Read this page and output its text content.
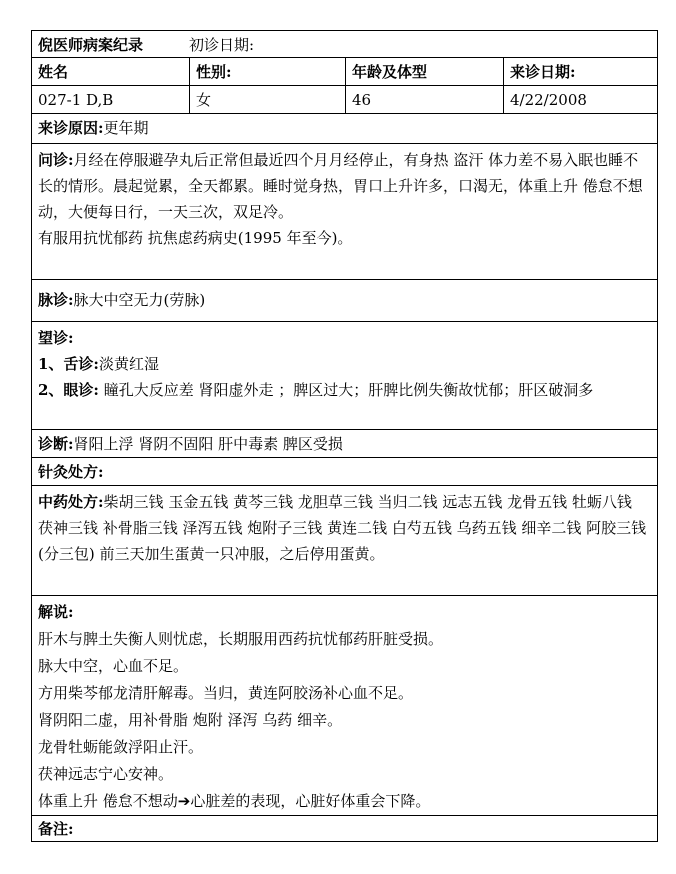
倪医师病案纪录	初诊日期:
姓名	性别:	年龄及体型	来诊日期:
027-1 D,B	女	46	4/22/2008
来诊原因:更年期
问诊:月经在停服避孕丸后正常但最近四个月月经停止，有身热 盗汗 体力差不易入眠也睡不长的情形。晨起觉累，全天都累。睡时觉身热，胃口上升许多，口渴无，体重上升 倦怠不想动，大便每日行，一天三次，双足冷。
有服用抗忧郁药 抗焦虑药病史(1995 年至今)。
脉诊:脉大中空无力(劳脉)
望诊:
1、舌诊:淡黄红湿
2、眼诊: 瞳孔大反应差 肾阳虚外走 ；脾区过大；肝脾比例失衡故忧郁；肝区破洞多
诊断:肾阳上浮 肾阴不固阳 肝中毒素 脾区受损
针灸处方:
中药处方:柴胡三钱 玉金五钱 黄芩三钱 龙胆草三钱 当归二钱 远志五钱 龙骨五钱 牡蛎八钱 茯神三钱 补骨脂三钱 泽泻五钱 炮附子三钱 黄连二钱 白芍五钱 乌药五钱 细辛二钱 阿胶三钱(分三包) 前三天加生蛋黄一只冲服，之后停用蛋黄。
解说:
肝木与脾土失衡人则忧虑，长期服用西药抗忧郁药肝脏受损。
脉大中空，心血不足。
方用柴芩郁龙清肝解毒。当归，黄连阿胶汤补心血不足。
肾阴阳二虚，用补骨脂 炮附 泽泻 乌药 细辛。
龙骨牡蛎能敛浮阳止汗。
茯神远志宁心安神。
体重上升 倦怠不想动➔心脏差的表现，心脏好体重会下降。
备注:
